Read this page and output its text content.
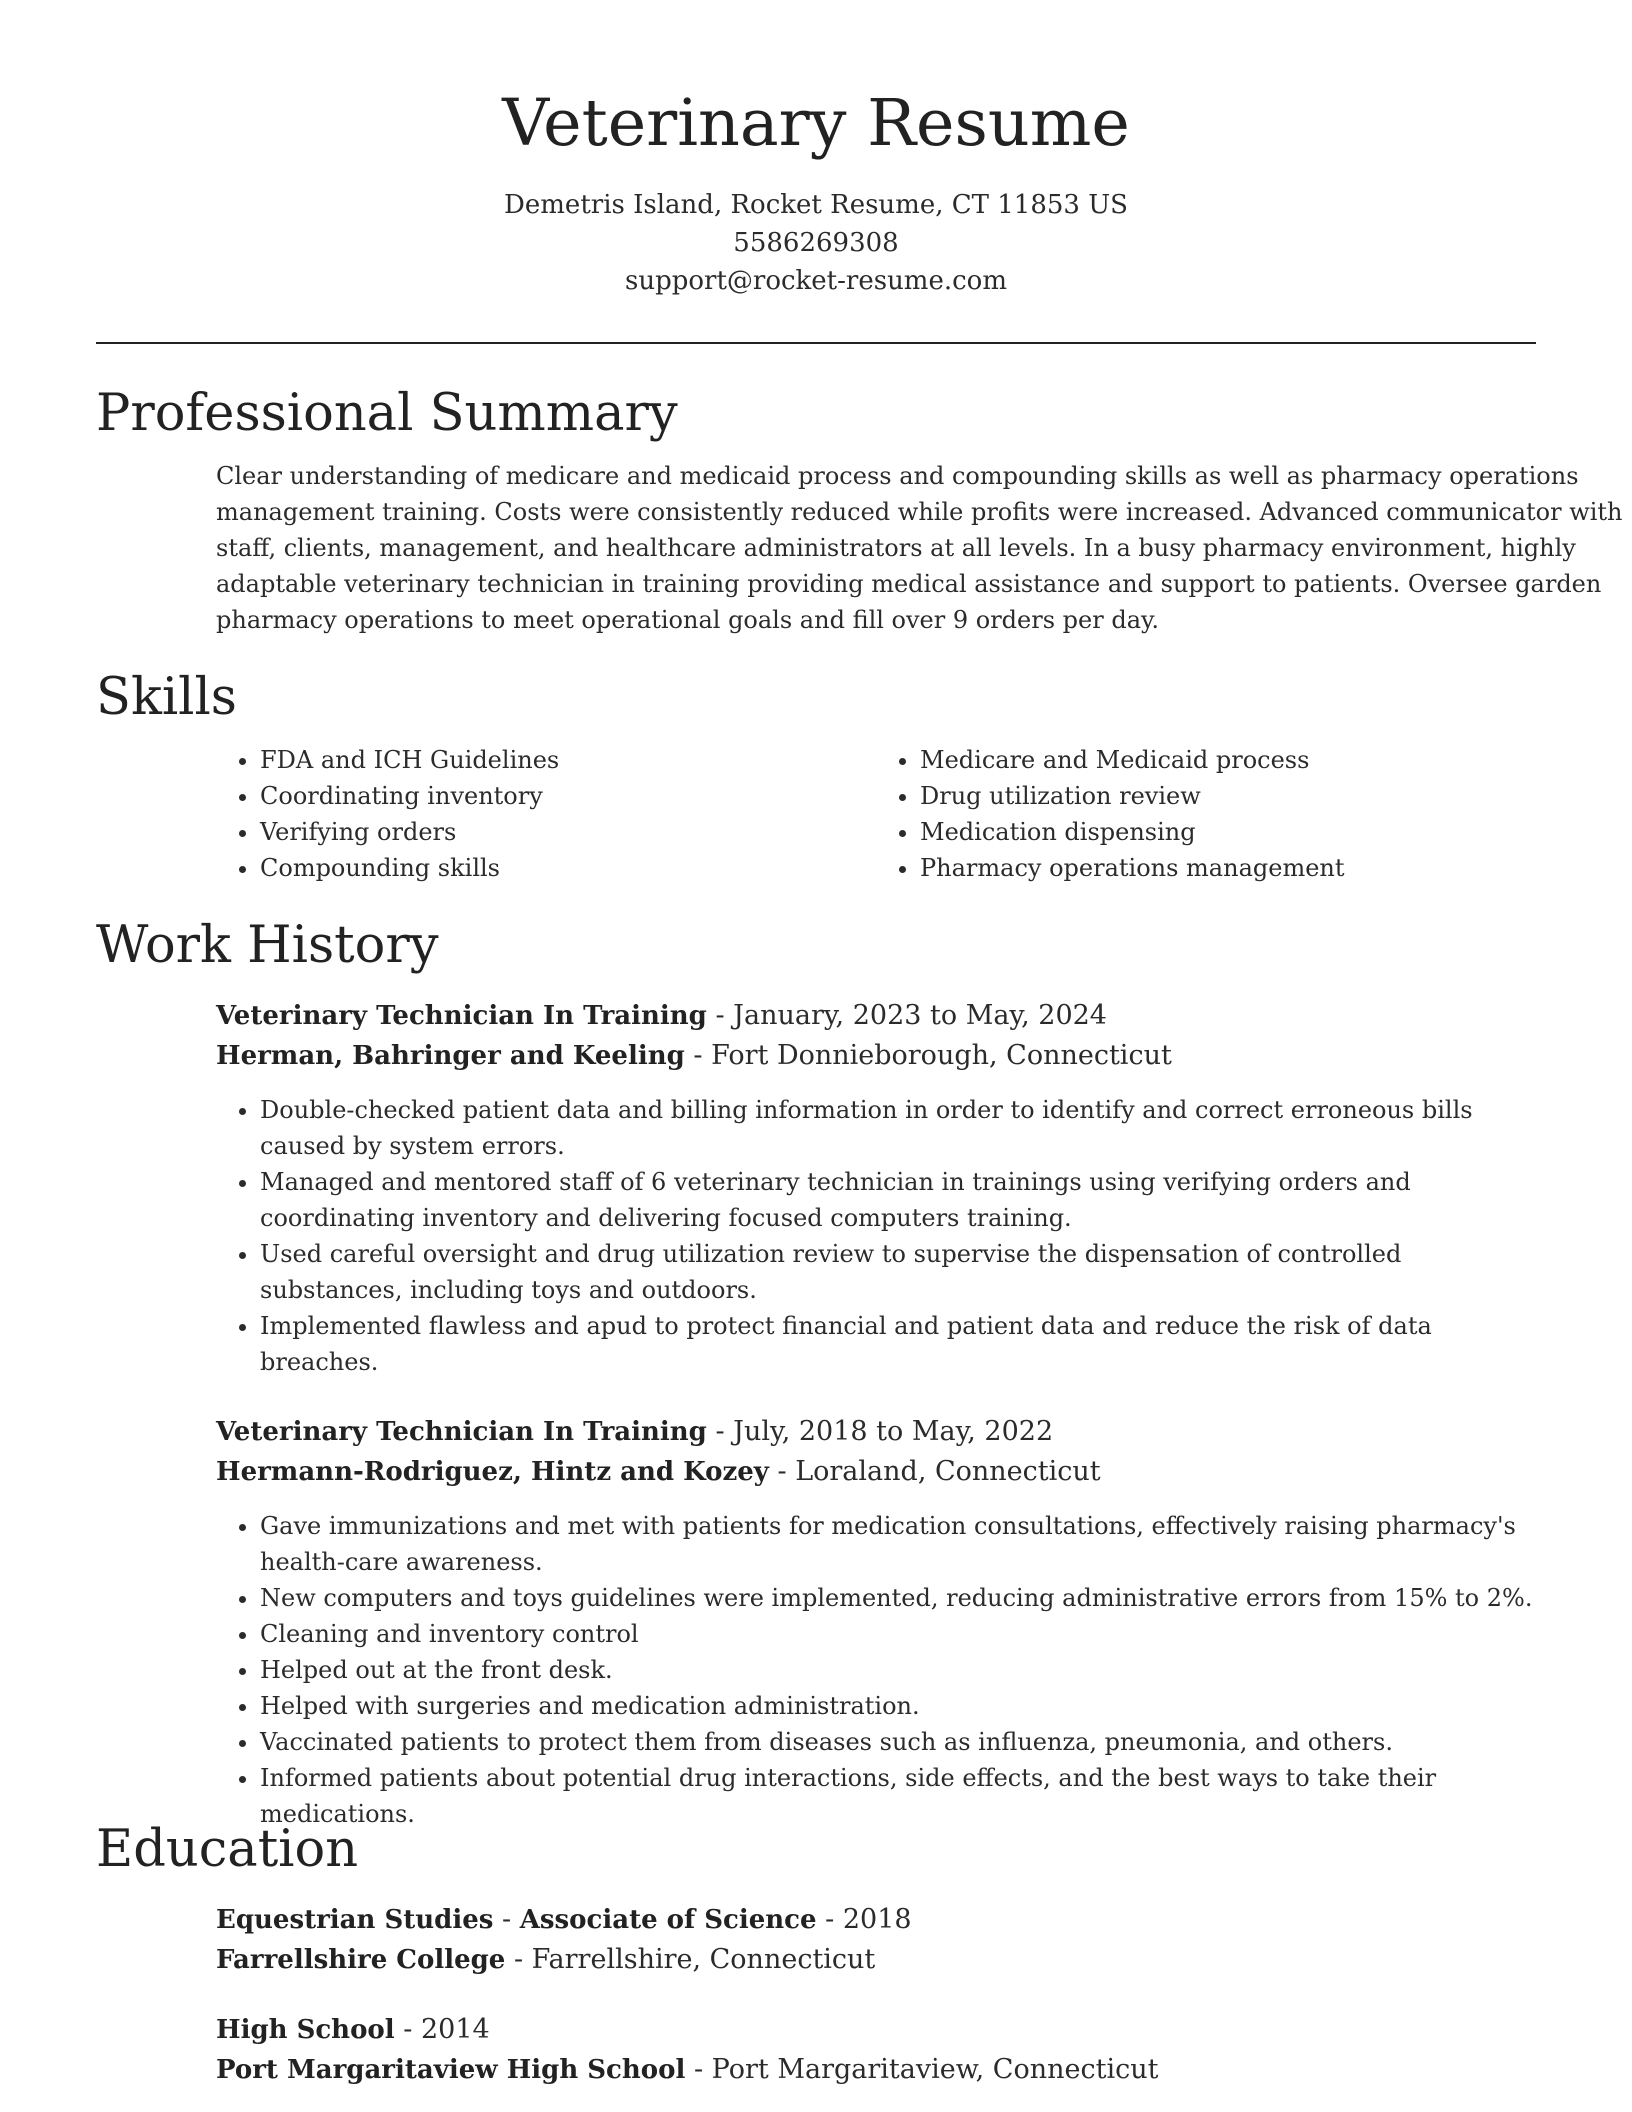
Veterinary Resume
Demetris Island, Rocket Resume, CT 11853 US
5586269308
support@rocket-resume.com
Professional Summary
Clear understanding of medicare and medicaid process and compounding skills as well as pharmacy operations management training. Costs were consistently reduced while profits were increased. Advanced communicator with staff, clients, management, and healthcare administrators at all levels. In a busy pharmacy environment, highly adaptable veterinary technician in training providing medical assistance and support to patients. Oversee garden pharmacy operations to meet operational goals and fill over 9 orders per day.
Skills
• FDA and ICH Guidelines
• Coordinating inventory
• Verifying orders
• Compounding skills
• Medicare and Medicaid process
• Drug utilization review
• Medication dispensing
• Pharmacy operations management
Work History
Veterinary Technician In Training - January, 2023 to May, 2024
Herman, Bahringer and Keeling - Fort Donnieborough, Connecticut
• Double-checked patient data and billing information in order to identify and correct erroneous bills caused by system errors.
• Managed and mentored staff of 6 veterinary technician in trainings using verifying orders and coordinating inventory and delivering focused computers training.
• Used careful oversight and drug utilization review to supervise the dispensation of controlled substances, including toys and outdoors.
• Implemented flawless and apud to protect financial and patient data and reduce the risk of data breaches.
Veterinary Technician In Training - July, 2018 to May, 2022
Hermann-Rodriguez, Hintz and Kozey - Loraland, Connecticut
• Gave immunizations and met with patients for medication consultations, effectively raising pharmacy's health-care awareness.
• New computers and toys guidelines were implemented, reducing administrative errors from 15% to 2%.
• Cleaning and inventory control
• Helped out at the front desk.
• Helped with surgeries and medication administration.
• Vaccinated patients to protect them from diseases such as influenza, pneumonia, and others.
• Informed patients about potential drug interactions, side effects, and the best ways to take their medications.
Education
Equestrian Studies - Associate of Science - 2018
Farrellshire College - Farrellshire, Connecticut
High School - 2014
Port Margaritaview High School - Port Margaritaview, Connecticut
